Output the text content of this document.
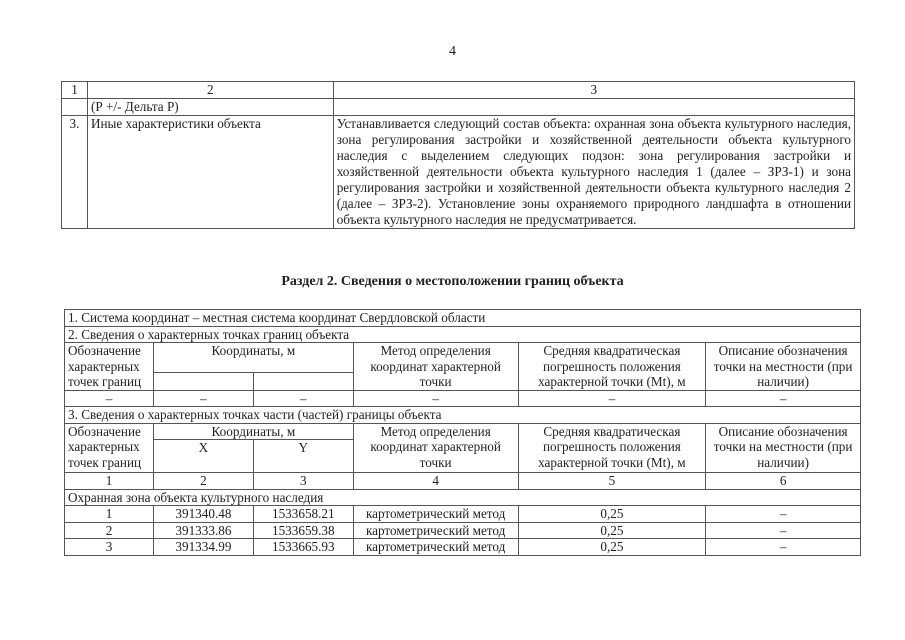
4
1	2	3
	(Р +/- Дельта Р)	
3.	Иные характеристики объекта	Устанавливается следующий состав объекта: охранная зона объекта культурного наследия, зона регулирования застройки и хозяйственной деятельности объекта культурного наследия с выделением следующих подзон: зона регулирования застройки и хозяйственной деятельности объекта культурного наследия 1 (далее – ЗРЗ-1) и зона регулирования застройки и хозяйственной деятельности объекта культурного наследия 2 (далее – ЗРЗ-2). Установление зоны охраняемого природного ландшафта в отношении объекта культурного наследия не предусматривается.
Раздел 2. Сведения о местоположении границ объекта
1. Система координат – местная система координат Свердловской области					
2. Сведения о характерных точках границ объекта					
Обозначение характерных точек границ	Координаты, м		Метод определения координат характерной точки	Средняя квадратическая погрешность положения характерной точки (Mt), м	Описание обозначения точки на местности (при наличии)

–	–	–	–	–	–
3. Сведения о характерных точках части (частей) границы объекта					
Обозначение характерных точек границ	Координаты, м		Метод определения координат характерной точки	Средняя квадратическая погрешность положения характерной точки (Mt), м	Описание обозначения точки на местности (при наличии)
	X	Y			
1	2	3	4	5	6
Охранная зона объекта культурного наследия					
1	391340.48	1533658.21	картометрический метод	0,25	–
2	391333.86	1533659.38	картометрический метод	0,25	–
3	391334.99	1533665.93	картометрический метод	0,25	–
